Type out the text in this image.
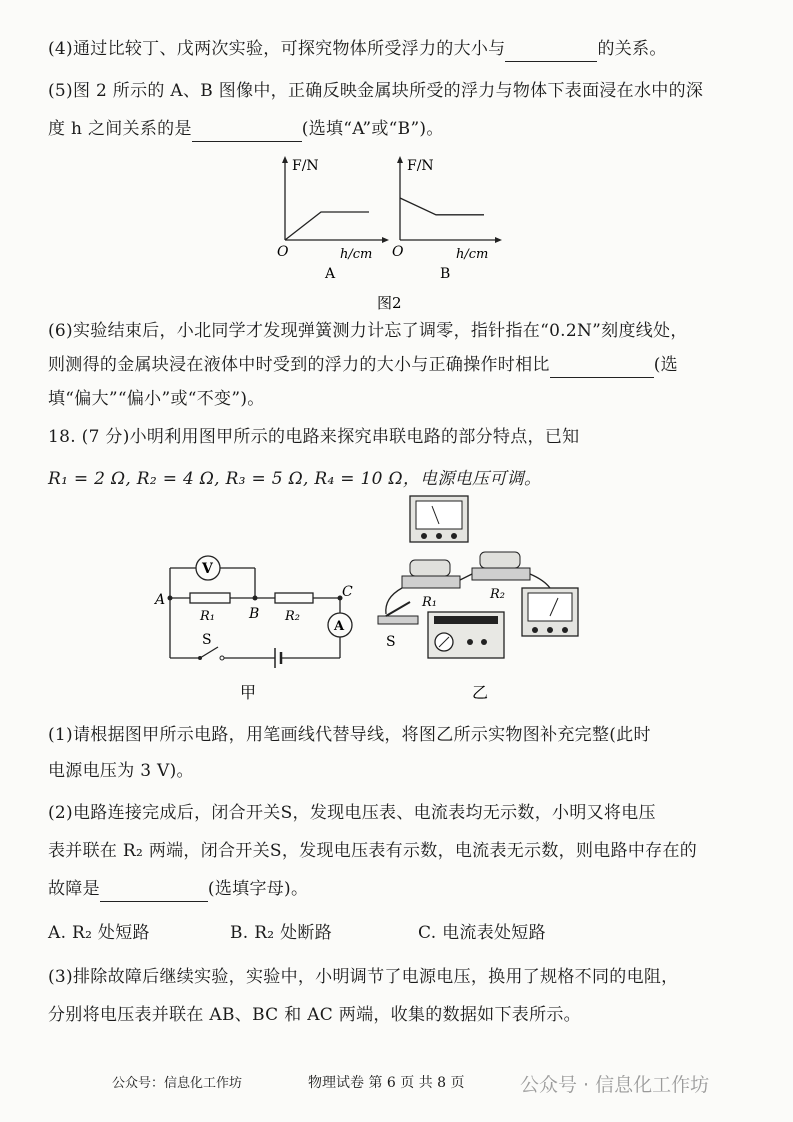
(4)通过比较丁、戊两次实验，可探究物体所受浮力的大小与	的关系。
(5)图 2 所示的 A、B 图像中，正确反映金属块所受的浮力与物体下表面浸在水中的深
度 h 之间关系的是	(选填“A”或“B”)。
F/N
h/cm
O
A
F/N
h/cm
O
B
图2
(6)实验结束后，小北同学才发现弹簧测力计忘了调零，指针指在“0.2N”刻度线处，
则测得的金属块浸在液体中时受到的浮力的大小与正确操作时相比	(选
填“偏大”“偏小”或“不变”)。
18. (7 分)小明利用图甲所示的电路来探究串联电路的部分特点，已知
R₁ = 2 Ω, R₂ = 4 Ω, R₃ = 5 Ω, R₄ = 10 Ω，电源电压可调。
V
A
A
B
C
R₁	R₂
S
甲
R₁
R₂
S
乙
(1)请根据图甲所示电路，用笔画线代替导线，将图乙所示实物图补充完整(此时
电源电压为 3 V)。
(2)电路连接完成后，闭合开关S，发现电压表、电流表均无示数，小明又将电压
表并联在 R₂ 两端，闭合开关S，发现电压表有示数，电流表无示数，则电路中存在的
故障是	(选填字母)。
A. R₂ 处短路	B. R₂ 处断路	C. 电流表处短路
(3)排除故障后继续实验，实验中，小明调节了电源电压，换用了规格不同的电阻，
分别将电压表并联在 AB、BC 和 AC 两端，收集的数据如下表所示。
公众号：信息化工作坊	物理试卷 第 6 页 共 8 页	公众号 · 信息化工作坊
